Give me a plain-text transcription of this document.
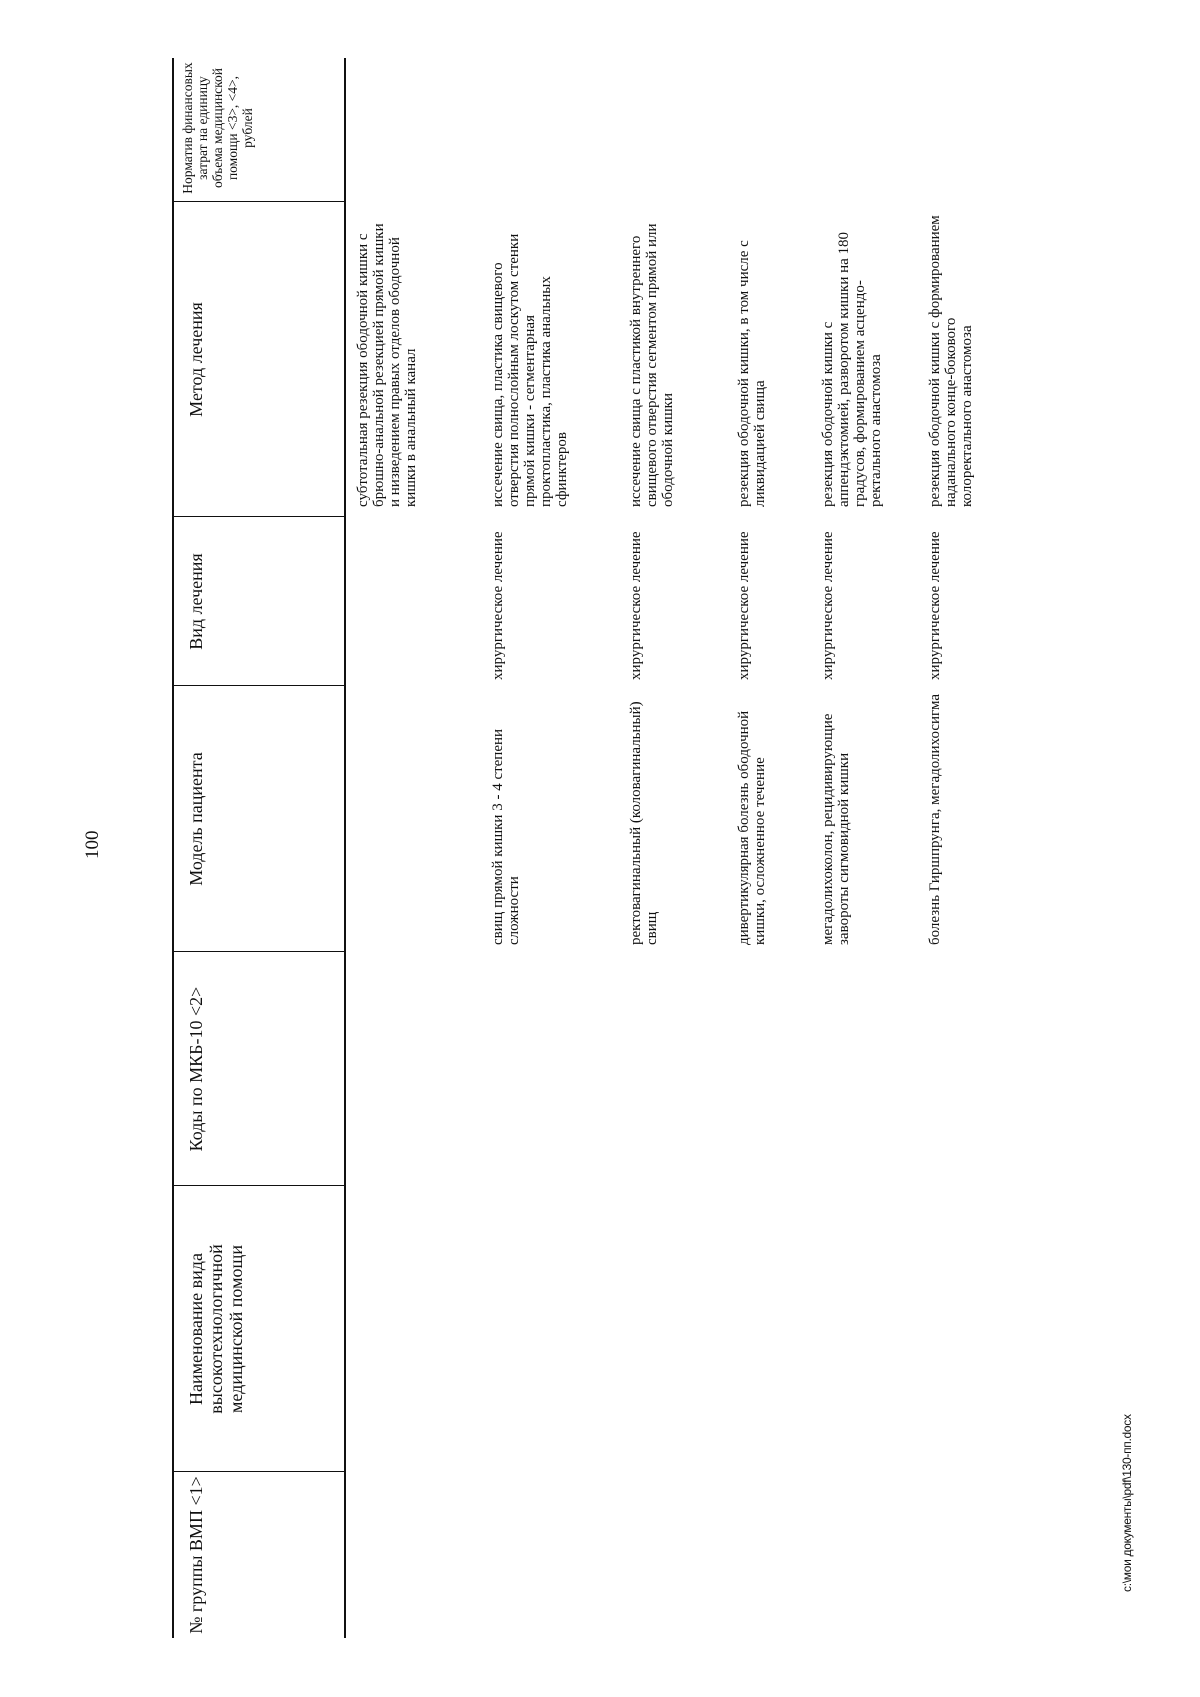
100
№ группы ВМП <1>
Наименование вида высокотехнологичной медицинской помощи
Коды по МКБ-10 <2>
Модель пациента
Вид лечения
Метод лечения
Норматив финансовых затрат на единицу объема медицинской помощи <3>, <4>, рублей
субтотальная резекция ободочной кишки с брюшно-анальной резекцией прямой кишки и низведением правых отделов ободочной кишки в анальный канал
свищ прямой кишки 3 - 4 степени сложности
хирургическое лечение
иссечение свища, пластика свищевого отверстия полнослойным лоскутом стенки прямой кишки - сегментарная проктопластика, пластика анальных сфинктеров
ректовагинальный (коловагинальный) свищ
хирургическое лечение
иссечение свища с пластикой внутреннего свищевого отверстия сегментом прямой или ободочной кишки
дивертикулярная болезнь ободочной кишки, осложненное течение
хирургическое лечение
резекция ободочной кишки, в том числе с ликвидацией свища
мегадолихоколон, рецидивирующие завороты сигмовидной кишки
хирургическое лечение
резекция ободочной кишки с аппендэктомией, разворотом кишки на 180 градусов, формированием асцендо-ректального анастомоза
болезнь Гиршпрунга, мегадолихосигма
хирургическое лечение
резекция ободочной кишки с формированием наданального конце-бокового колоректального анастомоза
c:\мои документы\pdf\130-пп.docx
